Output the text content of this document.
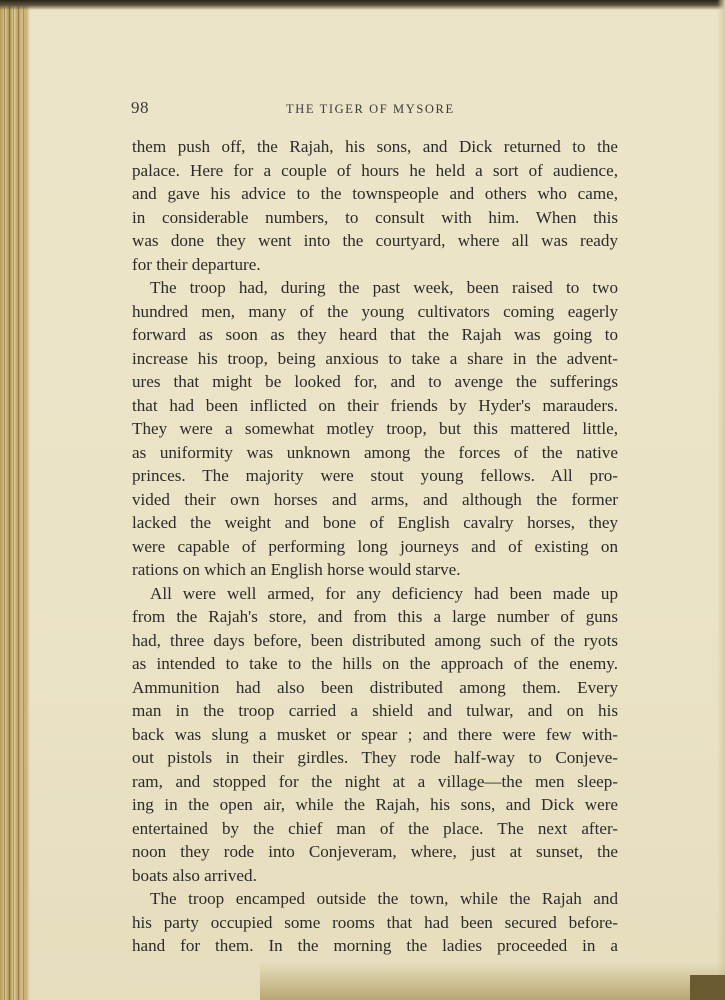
98	THE TIGER OF MYSORE
them push off, the Rajah, his sons, and Dick returned to the
palace. Here for a couple of hours he held a sort of audience,
and gave his advice to the townspeople and others who came,
in considerable numbers, to consult with him. When this
was done they went into the courtyard, where all was ready
for their departure.
The troop had, during the past week, been raised to two
hundred men, many of the young cultivators coming eagerly
forward as soon as they heard that the Rajah was going to
increase his troop, being anxious to take a share in the advent-
ures that might be looked for, and to avenge the sufferings
that had been inflicted on their friends by Hyder's marauders.
They were a somewhat motley troop, but this mattered little,
as uniformity was unknown among the forces of the native
princes. The majority were stout young fellows. All pro-
vided their own horses and arms, and although the former
lacked the weight and bone of English cavalry horses, they
were capable of performing long journeys and of existing on
rations on which an English horse would starve.
All were well armed, for any deficiency had been made up
from the Rajah's store, and from this a large number of guns
had, three days before, been distributed among such of the ryots
as intended to take to the hills on the approach of the enemy.
Ammunition had also been distributed among them. Every
man in the troop carried a shield and tulwar, and on his
back was slung a musket or spear ; and there were few with-
out pistols in their girdles. They rode half-way to Conjeve-
ram, and stopped for the night at a village—the men sleep-
ing in the open air, while the Rajah, his sons, and Dick were
entertained by the chief man of the place. The next after-
noon they rode into Conjeveram, where, just at sunset, the
boats also arrived.
The troop encamped outside the town, while the Rajah and
his party occupied some rooms that had been secured before-
hand for them. In the morning the ladies proceeded in a
